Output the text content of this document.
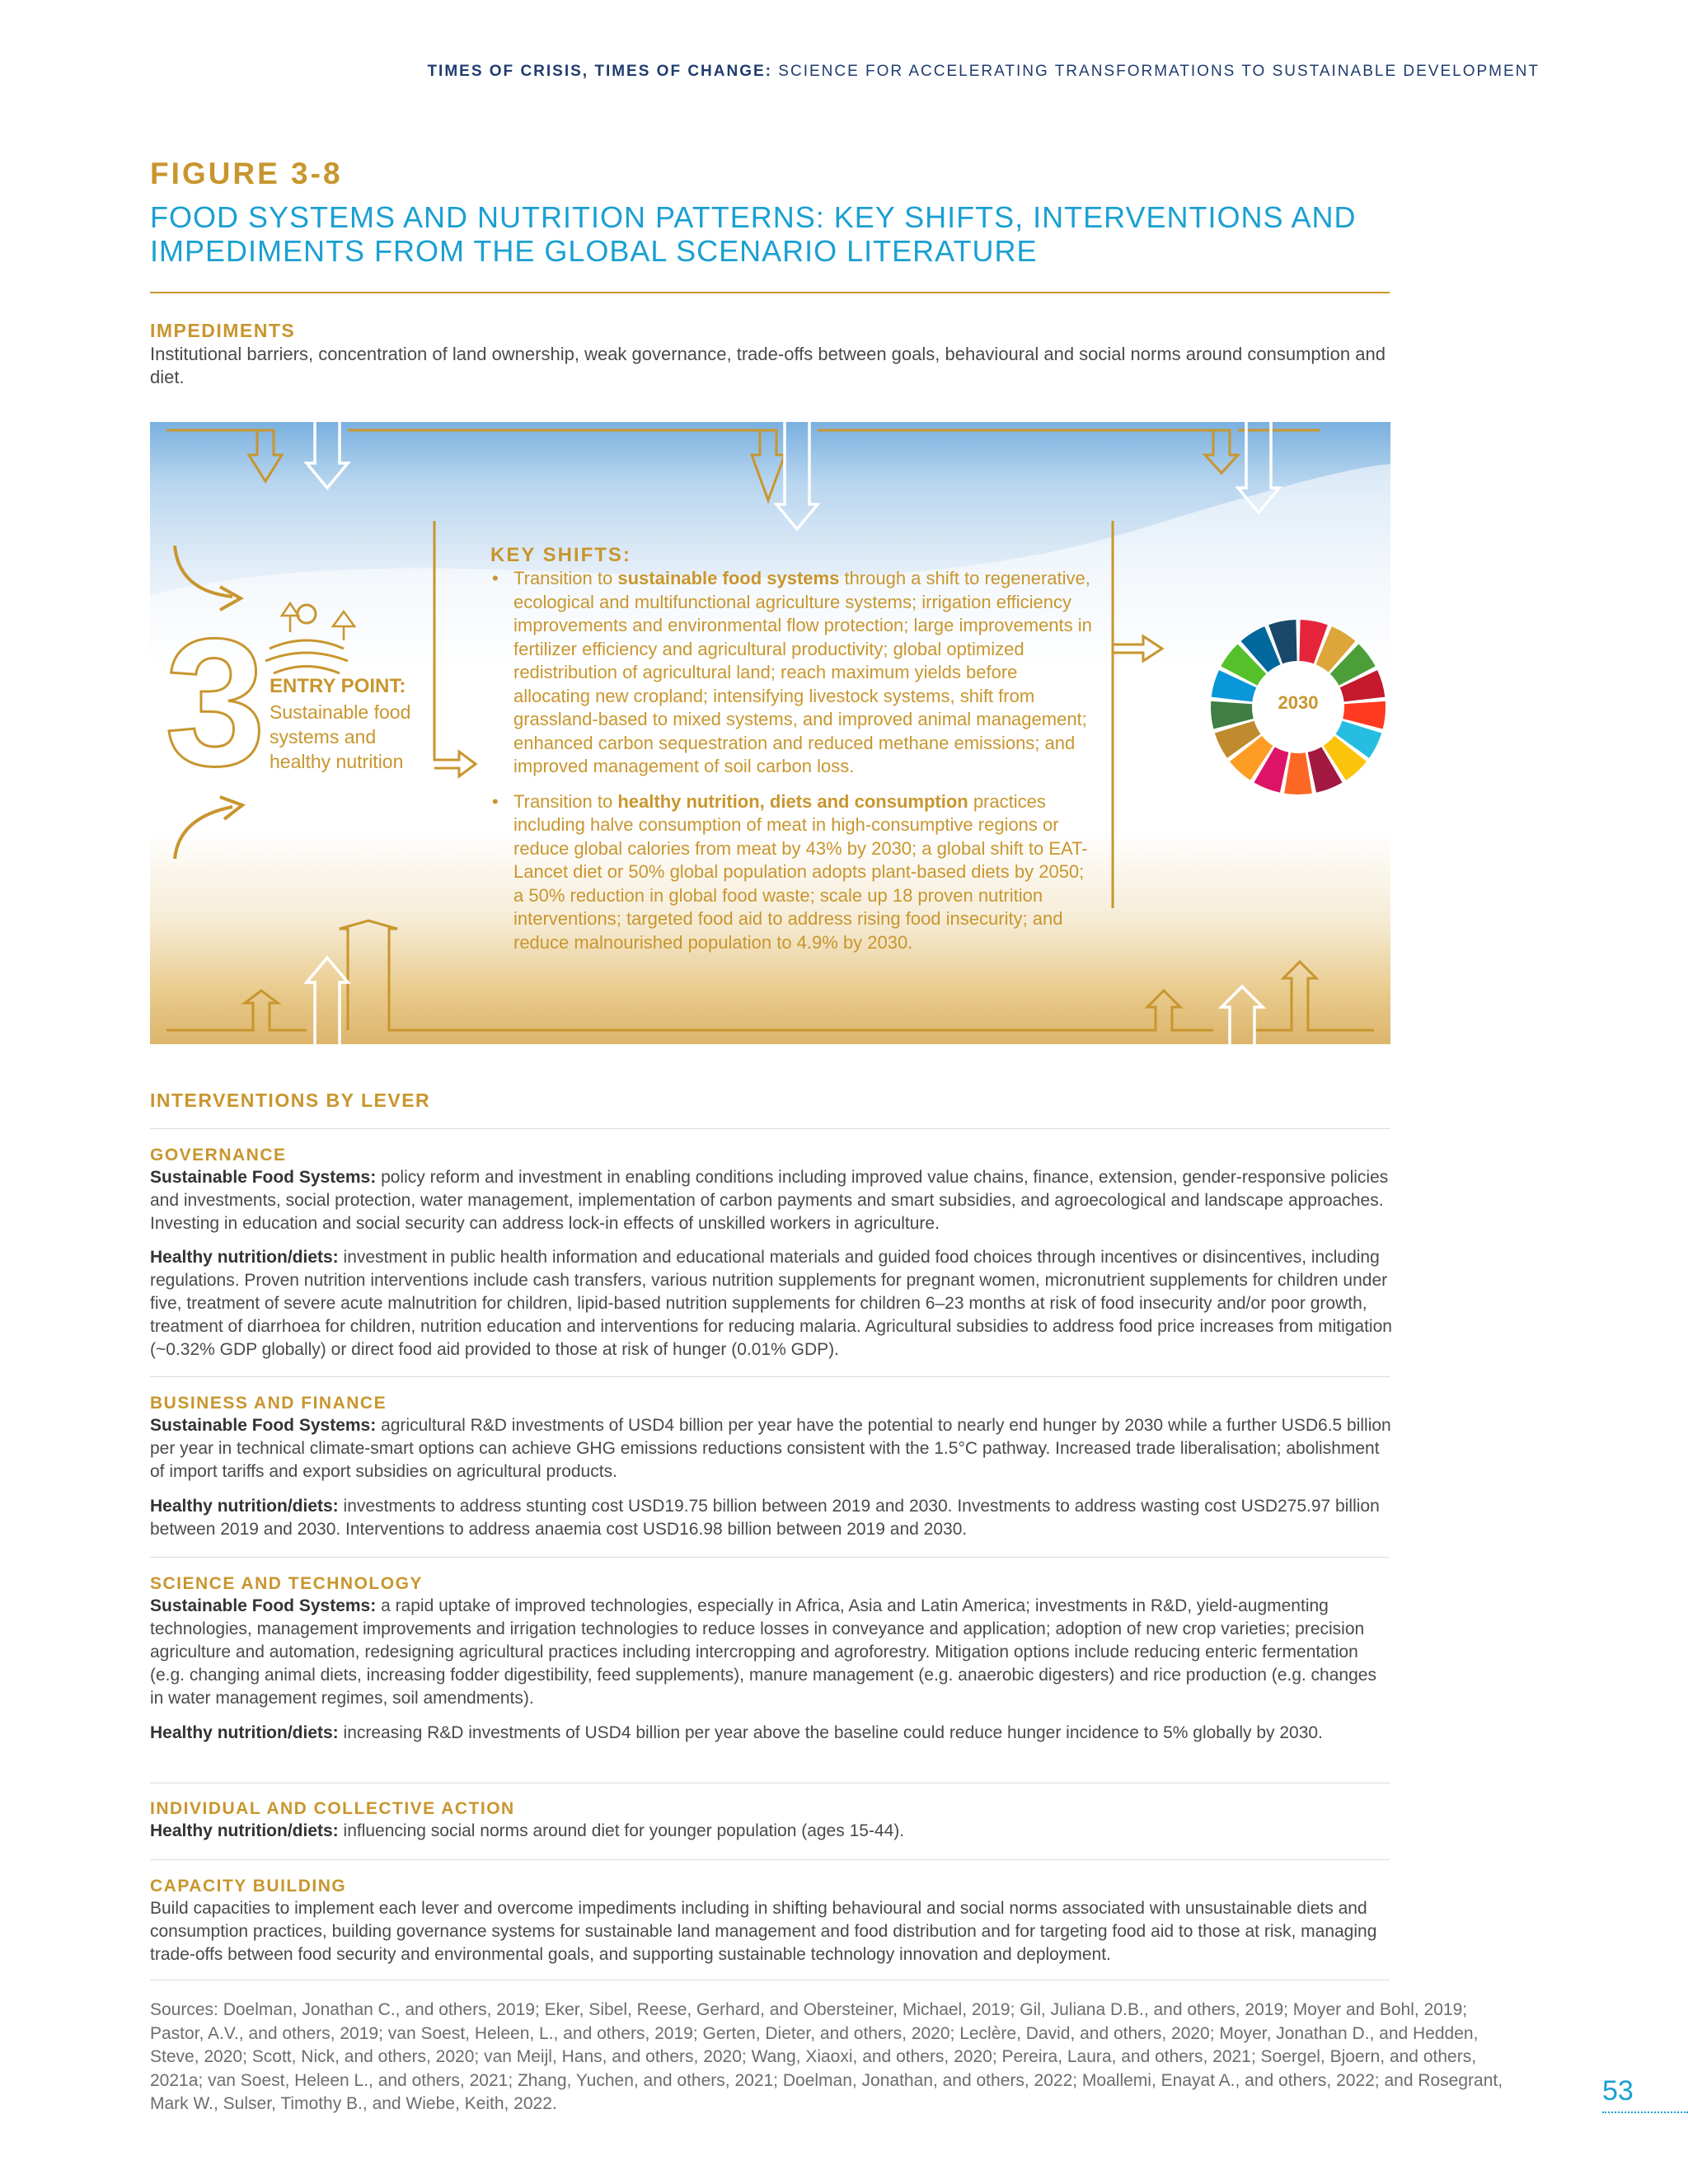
TIMES OF CRISIS, TIMES OF CHANGE: SCIENCE FOR ACCELERATING TRANSFORMATIONS TO SUSTAINABLE DEVELOPMENT
FIGURE 3-8
FOOD SYSTEMS AND NUTRITION PATTERNS: KEY SHIFTS, INTERVENTIONS AND IMPEDIMENTS FROM THE GLOBAL SCENARIO LITERATURE
IMPEDIMENTS
Institutional barriers, concentration of land ownership, weak governance, trade-offs between goals, behavioural and social norms around consumption and diet.
3 ENTRY POINT:
Sustainable food systems and healthy nutrition
KEY SHIFTS:
• Transition to sustainable food systems through a shift to regenerative, ecological and multifunctional agriculture systems; irrigation efficiency improvements and environmental flow protection; large improvements in fertilizer efficiency and agricultural productivity; global optimized redistribution of agricultural land; reach maximum yields before allocating new cropland; intensifying livestock systems, shift from grassland-based to mixed systems, and improved animal management; enhanced carbon sequestration and reduced methane emissions; and improved management of soil carbon loss.
• Transition to healthy nutrition, diets and consumption practices including halve consumption of meat in high-consumptive regions or reduce global calories from meat by 43% by 2030; a global shift to EAT-Lancet diet or 50% global population adopts plant-based diets by 2050; a 50% reduction in global food waste; scale up 18 proven nutrition interventions; targeted food aid to address rising food insecurity; and reduce malnourished population to 4.9% by 2030.
2030
INTERVENTIONS BY LEVER
GOVERNANCE
Sustainable Food Systems: policy reform and investment in enabling conditions including improved value chains, finance, extension, gender-responsive policies and investments, social protection, water management, implementation of carbon payments and smart subsidies, and agroecological and landscape approaches. Investing in education and social security can address lock-in effects of unskilled workers in agriculture.
Healthy nutrition/diets: investment in public health information and educational materials and guided food choices through incentives or disincentives, including regulations. Proven nutrition interventions include cash transfers, various nutrition supplements for pregnant women, micronutrient supplements for children under five, treatment of severe acute malnutrition for children, lipid-based nutrition supplements for children 6–23 months at risk of food insecurity and/or poor growth, treatment of diarrhoea for children, nutrition education and interventions for reducing malaria. Agricultural subsidies to address food price increases from mitigation (~0.32% GDP globally) or direct food aid provided to those at risk of hunger (0.01% GDP).
BUSINESS AND FINANCE
Sustainable Food Systems: agricultural R&D investments of USD4 billion per year have the potential to nearly end hunger by 2030 while a further USD6.5 billion per year in technical climate-smart options can achieve GHG emissions reductions consistent with the 1.5°C pathway. Increased trade liberalisation; abolishment of import tariffs and export subsidies on agricultural products.
Healthy nutrition/diets: investments to address stunting cost USD19.75 billion between 2019 and 2030. Investments to address wasting cost USD275.97 billion between 2019 and 2030. Interventions to address anaemia cost USD16.98 billion between 2019 and 2030.
SCIENCE AND TECHNOLOGY
Sustainable Food Systems: a rapid uptake of improved technologies, especially in Africa, Asia and Latin America; investments in R&D, yield-augmenting technologies, management improvements and irrigation technologies to reduce losses in conveyance and application; adoption of new crop varieties; precision agriculture and automation, redesigning agricultural practices including intercropping and agroforestry. Mitigation options include reducing enteric fermentation (e.g. changing animal diets, increasing fodder digestibility, feed supplements), manure management (e.g. anaerobic digesters) and rice production (e.g. changes in water management regimes, soil amendments).
Healthy nutrition/diets: increasing R&D investments of USD4 billion per year above the baseline could reduce hunger incidence to 5% globally by 2030.
INDIVIDUAL AND COLLECTIVE ACTION
Healthy nutrition/diets: influencing social norms around diet for younger population (ages 15-44).
CAPACITY BUILDING
Build capacities to implement each lever and overcome impediments including in shifting behavioural and social norms associated with unsustainable diets and consumption practices, building governance systems for sustainable land management and food distribution and for targeting food aid to those at risk, managing trade-offs between food security and environmental goals, and supporting sustainable technology innovation and deployment.
Sources: Doelman, Jonathan C., and others, 2019; Eker, Sibel, Reese, Gerhard, and Obersteiner, Michael, 2019; Gil, Juliana D.B., and others, 2019; Moyer and Bohl, 2019; Pastor, A.V., and others, 2019; van Soest, Heleen, L., and others, 2019; Gerten, Dieter, and others, 2020; Leclère, David, and others, 2020; Moyer, Jonathan D., and Hedden, Steve, 2020; Scott, Nick, and others, 2020; van Meijl, Hans, and others, 2020; Wang, Xiaoxi, and others, 2020; Pereira, Laura, and others, 2021; Soergel, Bjoern, and others, 2021a; van Soest, Heleen L., and others, 2021; Zhang, Yuchen, and others, 2021; Doelman, Jonathan, and others, 2022; Moallemi, Enayat A., and others, 2022; and Rosegrant, Mark W., Sulser, Timothy B., and Wiebe, Keith, 2022.	53
